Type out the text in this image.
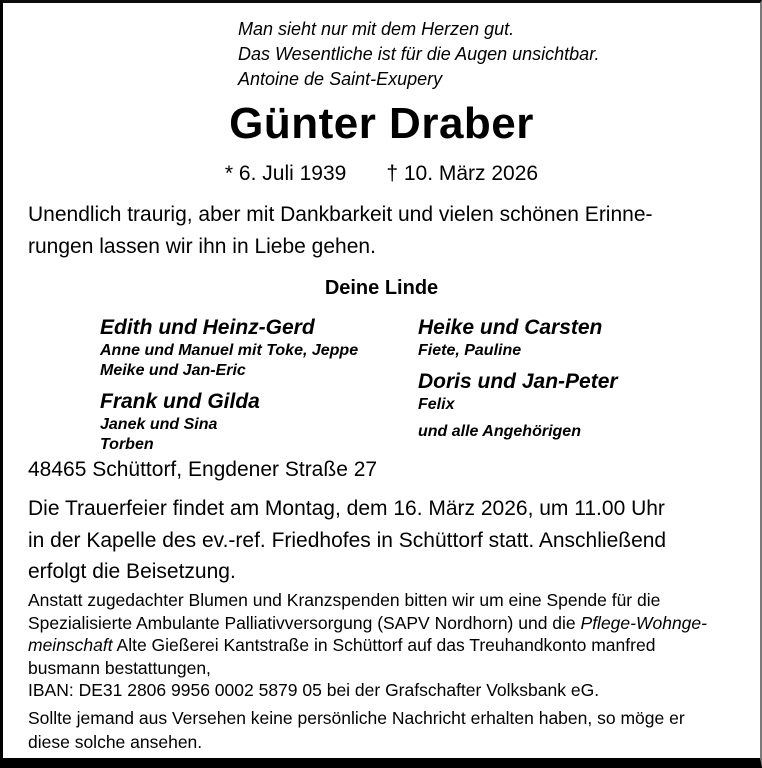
Man sieht nur mit dem Herzen gut.
Das Wesentliche ist für die Augen unsichtbar.
Antoine de Saint-Exupery
Günter Draber
* 6. Juli 1939 † 10. März 2026
Unendlich traurig, aber mit Dankbarkeit und vielen schönen Erinne-
rungen lassen wir ihn in Liebe gehen.
Deine Linde
Edith und Heinz-Gerd
Anne und Manuel mit Toke, Jeppe
Meike und Jan-Eric
Frank und Gilda
Janek und Sina
Torben
Heike und Carsten
Fiete, Pauline
Doris und Jan-Peter
Felix
und alle Angehörigen
48465 Schüttorf, Engdener Straße 27
Die Trauerfeier findet am Montag, dem 16. März 2026, um 11.00 Uhr
in der Kapelle des ev.-ref. Friedhofes in Schüttorf statt. Anschließend
erfolgt die Beisetzung.
Anstatt zugedachter Blumen und Kranzspenden bitten wir um eine Spende für die
Spezialisierte Ambulante Palliativversorgung (SAPV Nordhorn) und die Pflege-Wohnge-
meinschaft Alte Gießerei Kantstraße in Schüttorf auf das Treuhandkonto manfred
busmann bestattungen,
IBAN: DE31 2806 9956 0002 5879 05 bei der Grafschafter Volksbank eG.
Sollte jemand aus Versehen keine persönliche Nachricht erhalten haben, so möge er
diese solche ansehen.
